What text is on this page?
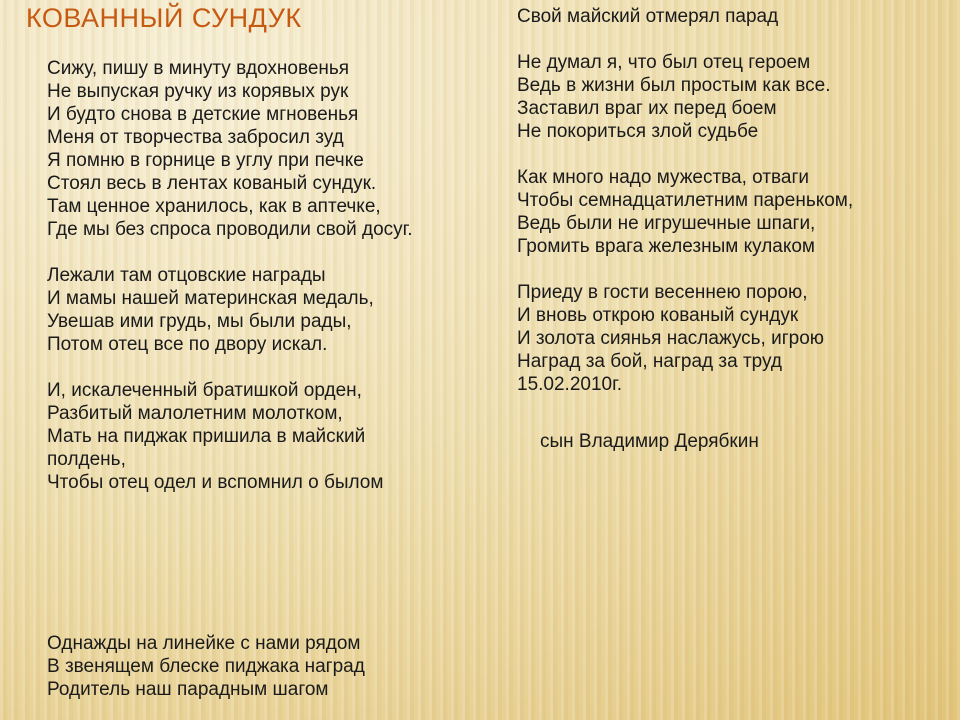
КОВАННЫЙ СУНДУК
Сижу, пишу в минуту вдохновенья
Не выпуская ручку из корявых рук
И будто снова в детские мгновенья
Меня от творчества забросил зуд
Я помню в горнице в углу при печке
Стоял весь в лентах кованый сундук.
Там ценное хранилось, как в аптечке,
Где мы без спроса проводили свой досуг.
Лежали там отцовские награды
И мамы нашей материнская медаль,
Увешав ими грудь, мы были рады,
Потом отец все по двору искал.
И, искалеченный братишкой орден,
Разбитый малолетним молотком,
Мать на пиджак пришила в майский
полдень,
Чтобы отец одел и вспомнил о былом
Однажды на линейке с нами рядом
В звенящем блеске пиджака наград
Родитель наш парадным шагом
Свой майский отмерял парад
Не думал я, что был отец героем
Ведь в жизни был простым как все.
Заставил враг их перед боем
Не покориться злой судьбе
Как много надо мужества, отваги
Чтобы семнадцатилетним пареньком,
Ведь были не игрушечные шпаги,
Громить врага железным кулаком
Приеду в гости весеннею порою,
И вновь открою кованый сундук
И золота сиянья наслажусь, игрою
Наград за бой, наград за труд
15.02.2010г.
сын Владимир Дерябкин
